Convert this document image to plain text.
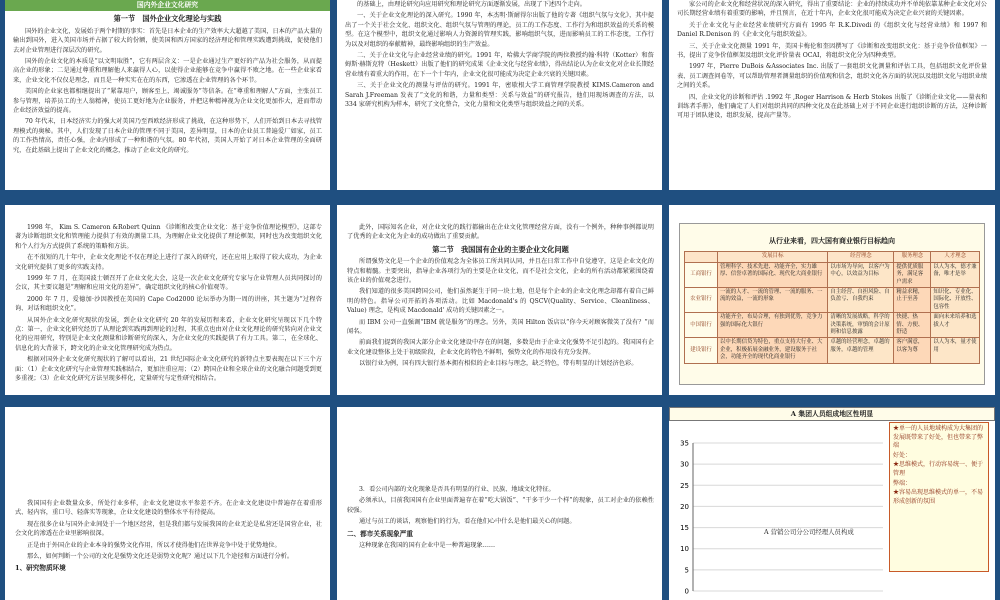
国内外企业文化研究
第一节　国外企业文化理论与实践

国外的企业文化，发展始于两个时期的事实：首先是日本企业的生产效率大大超越了美国，日本的产品大量的输出到国外，进入美国市场并占据了较大的份额，使美国和西方国家的经济理论和管理实践遭到挑战，促使他们去对企业管理进行深层次的研究。

国外的企业文化的本质是“以文明取胜”，它有两层含义：一是企业通过生产更好的产品为社会服务，从而提高企业的形象；二是通过尊重和理解他人来赢得人心，以使得企业能够在竞争中赢得不败之地。在一些企业家看来，企业文化不仅仅是理念，而且是一种实实在在的东西，它渗透在企业管理的各个环节。

美国的企业家也都相继提出了“紧靠用户，顾客至上，竭诚服务”等信条。在“尊重和理解人”方面，主张员工参与管理，培养员工的主人翁精神，使员工更好地为企业服务，并把这种精神视为企业文化更加作大，进而带动企业经济效益的提高。

70 年代末，日本经济实力的强大对美国乃至西欧经济形成了挑战，在这种形势下，人们开始到日本去寻找管理模式的奥秘。其中，人们发现了日本企业的管理不同于美国，差异明显，日本的企业员工普遍爱厂如家，员工的工作热情高，责任心强，企业内形成了一种和谐的气氛。80 年代初，美国人开始了对日本企业管理的全面研究，在此基础上提出了企业文化的概念，推动了企业文化的研究。

的基础上，由理论研究向应用研究和理论研究方面逐渐发展，出现了下述四个走向。

一、关于企业文化理论的深入研究。1990 年，本杰明·斯耐得尔出版了他的专著《组织气氛与文化》，其中提出了一个关于社会文化、组织文化、组织气氛与管理的理论，员工的工作态度、工作行为和组织效益的关系的模型。在这个模型中，组织文化通过影响人力资源的管理实践，影响组织气氛，进而影响员工的工作态度，工作行为以及对组织的奉献精神，最终影响组织的生产效益。

二、关于企业文化与企业经营业绩的研究。1991 年，哈佛大学商学院的两位教授约翰·科特（Kotter）和詹姆斯·赫斯克特（Heskett）出版了他们的研究成果《企业文化与经营业绩》，得出结论认为企业文化对企业长期经营业绩有着重大的作用，在下一个十年内，企业文化很可能成为决定企业兴衰的关键因素。

三、关于企业文化的测量与评估的研究。1991 年，密歇根大学工商管理学院教授 KIMS.Cameron and Sarah J.Freeman 发表了“文化的和谐，力量和类型：关系与效益”的研究报告，他们用现场调查的方法，以 334 家研究机构为样本，研究了文化整合，文化力量和文化类型与组织效益之间的关系。

家公司的企业文化和经营状况的深入研究，得出了重要结论：企业的持续成功并不单纯依靠某种企业文化对公司长期经营业绩有着重要的影响，并且预言，在近十年内，企业文化很可能成为决定企业兴衰的关键因素。

关于企业文化与企业经营业绩研究方面有 1995 年 R.K.Divedi 的《组织文化与经营业绩》和 1997 和 Daniel R.Denison 的《企业文化与组织效益》。

三、关于企业文化测量 1991 年，美国卡梅伦和奎因撰写了《诊断和改变组织文化：基于竞争价值框架》一书，提出了竞争价值框架及组织文化评价量表 OCAI，将组织文化分为四种类型。

1997 年，Pierre DuBois &Associates Inc. 出版了一套组织文化测量和评估工具，包括组织文化评价量表、员工调查问卷等，可以帮助管理者测量组织的价值观和信念，组织文化各方面的状况以及组织文化与组织业绩之间的关系。

四、企业文化的诊断和评估 .1992 年 ,Roger Harrison & Herb Stokes 出版了《诊断企业文化——量表和训练者手册》，他们确定了人们对组织共同的四种文化及在此基础上对于不同企业进行组织诊断的方法，这种诊断可用于团队建设，组织发展，提高产量等。

1998 年， Kim S. Cameron &Robert Quinn 《诊断和改变企业文化：基于竞争价值理论模型》，这部专著为诊断组织文化和管理能力提供了有效的测量工具，为理解企业文化提供了理论框架，同时也为改变组织文化和个人行为方式提供了系统的策略和方法。

在不很短的几十年中，企业文化理论不仅在理论上进行了深入的研究，还在应用上取得了较大成功，为企业文化研究提供了更多的实践支持。

1999 年 7 月，在美国波士顿召开了企业文化大会，这是一次企业文化研究专家与企业管理人员共同探讨的会议，其主要议题是“理解和应用文化的差异”，确定组织文化的核心价值观等。

2000 年 7 月，爱德加·沙因教授在美国的 Cape Cod2000 论坛举办为期一周的讲座，其主题为“过程咨询、对话和组织文化”。

从国外企业文化研究现状的发展，到企业文化研究 20 年的发展历程来看，企业文化研究呈现以下几个特点：第一，企业文化研究经历了从理论到实践再到理论的过程，其重点也由对企业文化理论的研究转向对企业文化的应用研究，特别是企业文化测量和诊断研究的深入，为企业文化的实践提供了有力工具。第二，在全球化、信息化的大背景下，跨文化的企业文化管理研究成为热点。

根据对国外企业文化研究现状的了解可以看出，21 世纪国际企业文化研究的新特点主要表现在以下三个方面：（1）企业文化研究与企业管理实践相结合，更加注重应用；（2）跨国企业和全球企业的文化融合问题受到更多重视；（3）企业文化研究方法呈现多样化，定量研究与定性研究相结合。

此外，国际知名企业，对企业文化的践行都输出在企业文化管理经营方面，没有一个例外，种种事例都说明了优秀的企业文化为企业的成功做出了重要贡献。

第二节　我国国有企业的主要企业文化问题

所谓强势文化是一个企业的价值观念为全体员工所共同认同，并且在日常工作中自觉遵守，这是企业文化的特点和精髓。主要突出，指导企业各项行为的主要是企业文化，而不是社会文化，企业的所有活动都紧紧围绕着该企业的价值观念进行。

我们知道的很多美国跨国公司，他们虽然诞生于同一块土地，但是每个企业的企业文化理念却都有着自己鲜明的特色。指导公司开拓的各项活动。比如 Macdonald's 的 QSCV(Quality、Service、Cleanliness、Value) 理念，是构成 Macdonald' 成功的关键因素之一。

而 IBM 公司一直强调“IBM 就是服务”的理念。另外，美国 Hilton 饭店以“你今天对顾客微笑了没有？”而闻名。

前面我们提到的我国大部分企业文化建设中存在的问题，多数是由于企业文化强势不足引起的。我国国有企业文化建设整体上处于初级阶段，企业文化的特色不鲜明，强势文化的作用没有充分发挥。

以银行业为例，国有四大银行基本拥有相似的企业目标与理念，缺乏特色，带有明显的计划经济色彩。

从行业来看，四大国有商业银行目标趋向
	发展目标	经营理念	服务理念	人才理念
工商银行	管理科学、技术先进、功能齐全，实力雄厚、信誉卓著的国际化、现代化大商业银行	以市场为导向，以客户为中心，以效益为目标	提供优质服务，满足客户需求	以人为本，德才兼备，唯才是举
农业银行	一流的人才、一流的管理、一流的服务、一流的效益，一流的形象	自主经营、自担风险、自负盈亏、自我约束	精益求精，止于至善	知识化、专业化、国际化、开放性、包容性
中国银行	功能齐全，布局合理，有独到优势，竞争力强的国际化大银行	清晰的发展战略，科学的决策系统，审慎的会计原则和信息披露	快捷、热情、方便、舒适	面向未来培养和选拔人才
建设银行	以中长期信贷为特色，重点支持大行业、大企业，积极拓展金融业务，建设服务于社会，功能齐全的现代化商业银行	卓越的经营理念，卓越的服务，卓越的管理	客户满意，以客为尊	以人为本，量才使用

我国国有企业数量众多，所处行业多样，企业文化建设水平参差不齐。在企业文化建设中普遍存在着重形式、轻内容，重口号、轻落实等现象，企业文化建设的整体水平有待提高。

现在很多企业与国外企业间处于一个地区经营，但是我们都与发展我国的企业无论是私营还是国营企业，社会文化的渗透在企业里影响很深。

正是由于外国企业的企业本身的强势文化作用，所以才使得他们在世界竞争中处于优势地位。

那么，如何判断一个公司的文化是强势文化还是弱势文化呢？通过以下几个途径和方面进行分析。

1、研究物质环境

3．看公司内部的文化现象是否具有明显的行业、民族、地域文化特征。

必须承认，目前我国国有企业里面普遍存在着“吃大锅饭”、“干多干少一个样”的现象，员工对企业的依赖性较强。

通过与员工的谈话，观察他们的行为，看在他们心中什么是他们最关心的问题。

二、都市关系现象严重

这种现象在我国的国有企业中是一种普遍现象……

A 集团人员组成地区性明显
0
5
10
15
20
25
30
35
A 营销公司分公司经理人员构成
★单一的人员地域构成为大集团的发展既带来了好处，但也带来了弊端
好处：
★思维模式，行动容易统一、便于管理
弊端：
★容易出现思维模式的单一，不易形成创新的氛围
